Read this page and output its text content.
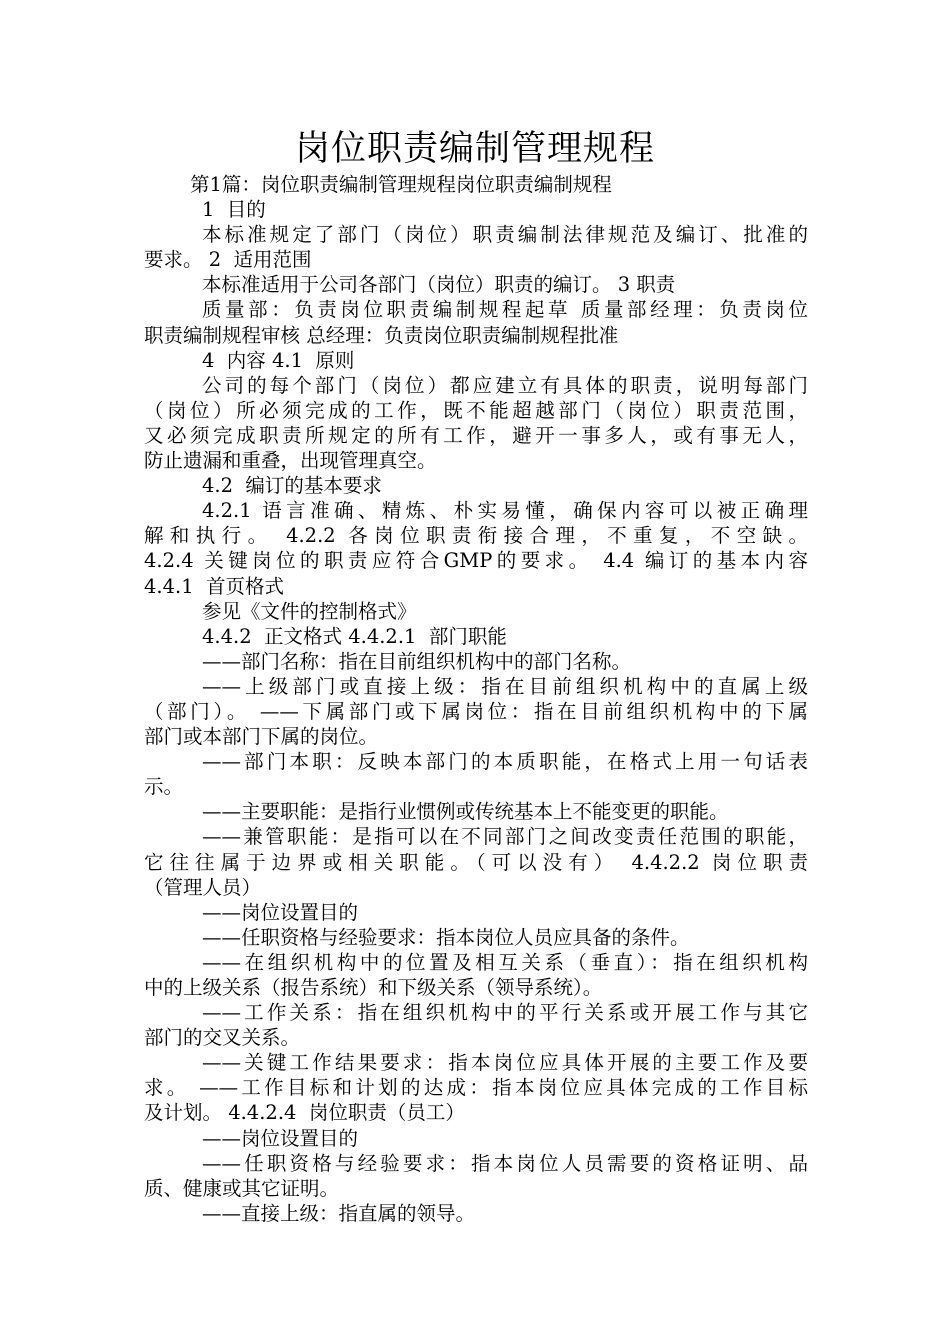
岗位职责编制管理规程
第1篇：岗位职责编制管理规程岗位职责编制规程
1  目的
本标准规定了部门（岗位）职责编制法律规范及编订、批准的
要求。 2  适用范围
本标准适用于公司各部门（岗位）职责的编订。 3 职责
质量部：负责岗位职责编制规程起草 质量部经理：负责岗位
职责编制规程审核 总经理：负责岗位职责编制规程批准
4  内容 4.1  原则
公司的每个部门（岗位）都应建立有具体的职责，说明每部门
（岗位）所必须完成的工作，既不能超越部门（岗位）职责范围，
又必须完成职责所规定的所有工作，避开一事多人，或有事无人，
防止遗漏和重叠，出现管理真空。
4.2  编订的基本要求
4.2.1 语言准确、精炼、朴实易懂，确保内容可以被正确理
解和执行。 4.2.2 各岗位职责衔接合理，不重复，不空缺。
4.2.4 关键岗位的职责应符合GMP的要求。 4.4 编订的基本内容
4.4.1  首页格式
参见《文件的控制格式》
4.4.2  正文格式 4.4.2.1  部门职能
——部门名称：指在目前组织机构中的部门名称。
——上级部门或直接上级：指在目前组织机构中的直属上级
（部门）。 ——下属部门或下属岗位：指在目前组织机构中的下属
部门或本部门下属的岗位。
——部门本职：反映本部门的本质职能，在格式上用一句话表
示。
——主要职能：是指行业惯例或传统基本上不能变更的职能。
——兼管职能：是指可以在不同部门之间改变责任范围的职能，
它往往属于边界或相关职能。（可以没有） 4.4.2.2 岗位职责
（管理人员）
——岗位设置目的
——任职资格与经验要求：指本岗位人员应具备的条件。
——在组织机构中的位置及相互关系（垂直）：指在组织机构
中的上级关系（报告系统）和下级关系（领导系统）。
——工作关系：指在组织机构中的平行关系或开展工作与其它
部门的交叉关系。
——关键工作结果要求：指本岗位应具体开展的主要工作及要
求。 ——工作目标和计划的达成：指本岗位应具体完成的工作目标
及计划。 4.4.2.4  岗位职责（员工）
——岗位设置目的
——任职资格与经验要求：指本岗位人员需要的资格证明、品
质、健康或其它证明。
——直接上级：指直属的领导。
